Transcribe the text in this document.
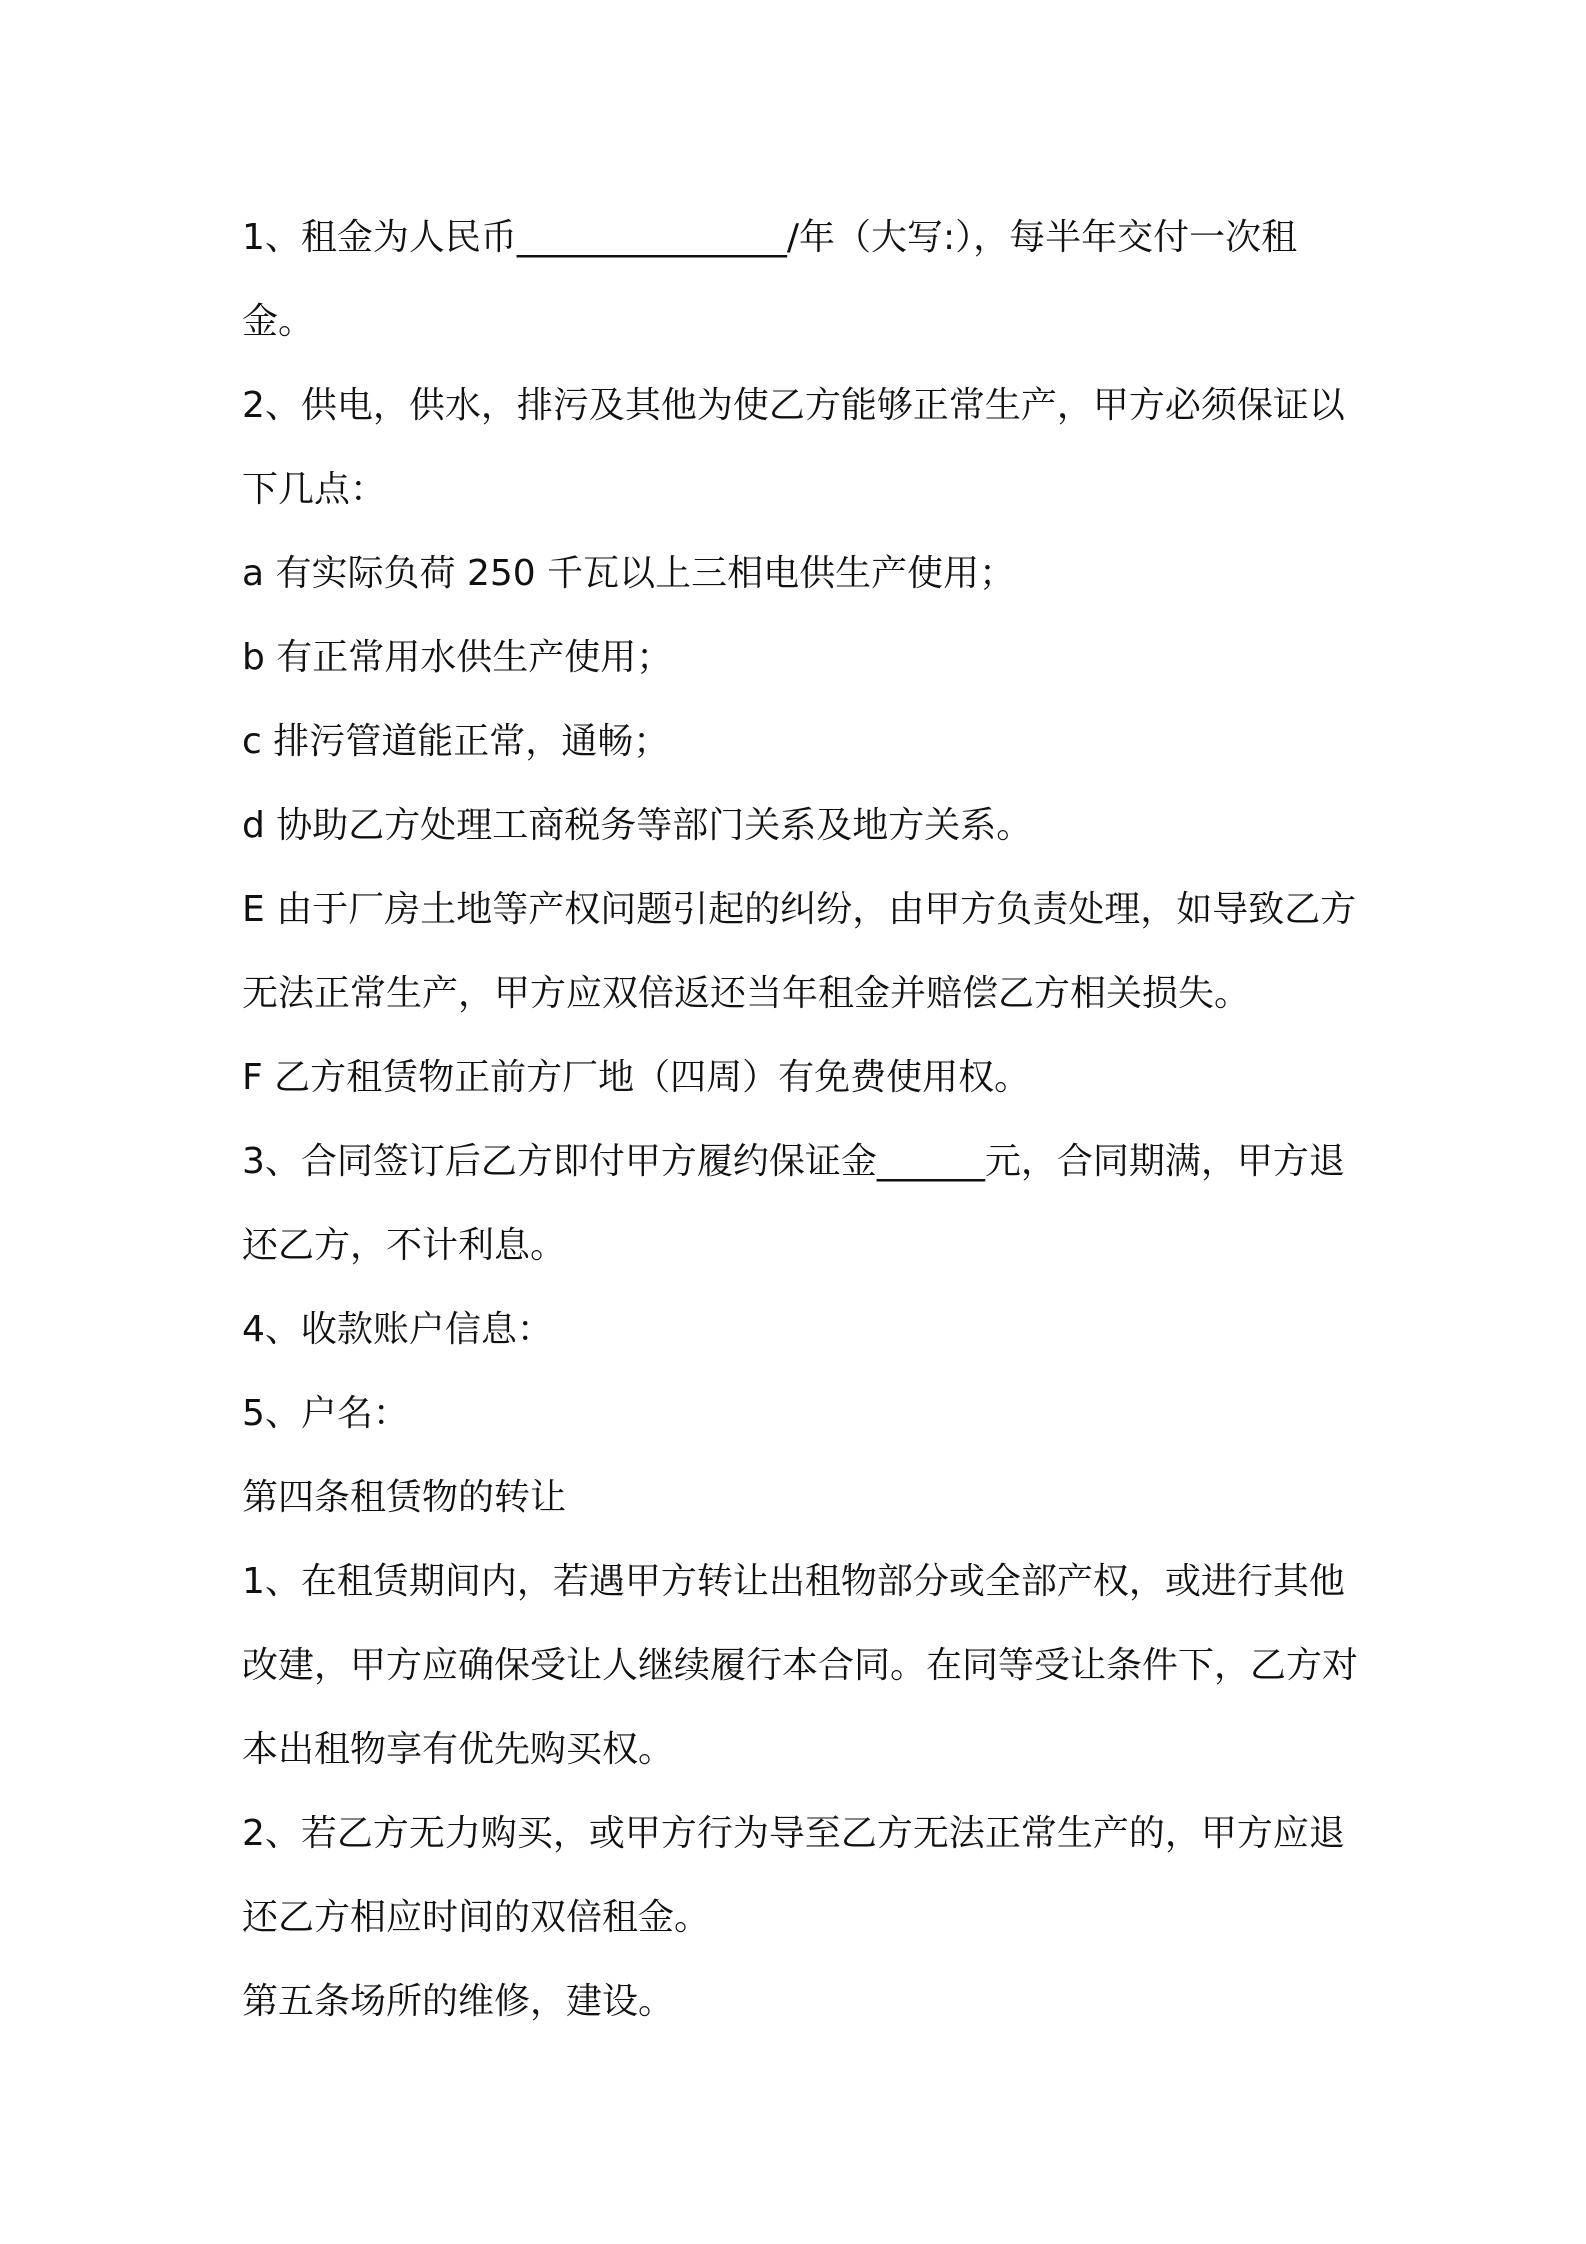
1、租金为人民币_______________/年（大写:），每半年交付一次租金。

2、供电，供水，排污及其他为使乙方能够正常生产，甲方必须保证以下几点：

a 有实际负荷 250 千瓦以上三相电供生产使用；

b 有正常用水供生产使用；

c 排污管道能正常，通畅；

d 协助乙方处理工商税务等部门关系及地方关系。

E 由于厂房土地等产权问题引起的纠纷，由甲方负责处理，如导致乙方无法正常生产，甲方应双倍返还当年租金并赔偿乙方相关损失。

F 乙方租赁物正前方厂地（四周）有免费使用权。

3、合同签订后乙方即付甲方履约保证金______元，合同期满，甲方退还乙方，不计利息。

4、收款账户信息：

5、户名：

第四条租赁物的转让

1、在租赁期间内，若遇甲方转让出租物部分或全部产权，或进行其他改建，甲方应确保受让人继续履行本合同。在同等受让条件下，乙方对本出租物享有优先购买权。

2、若乙方无力购买，或甲方行为导至乙方无法正常生产的，甲方应退还乙方相应时间的双倍租金。

第五条场所的维修，建设。
